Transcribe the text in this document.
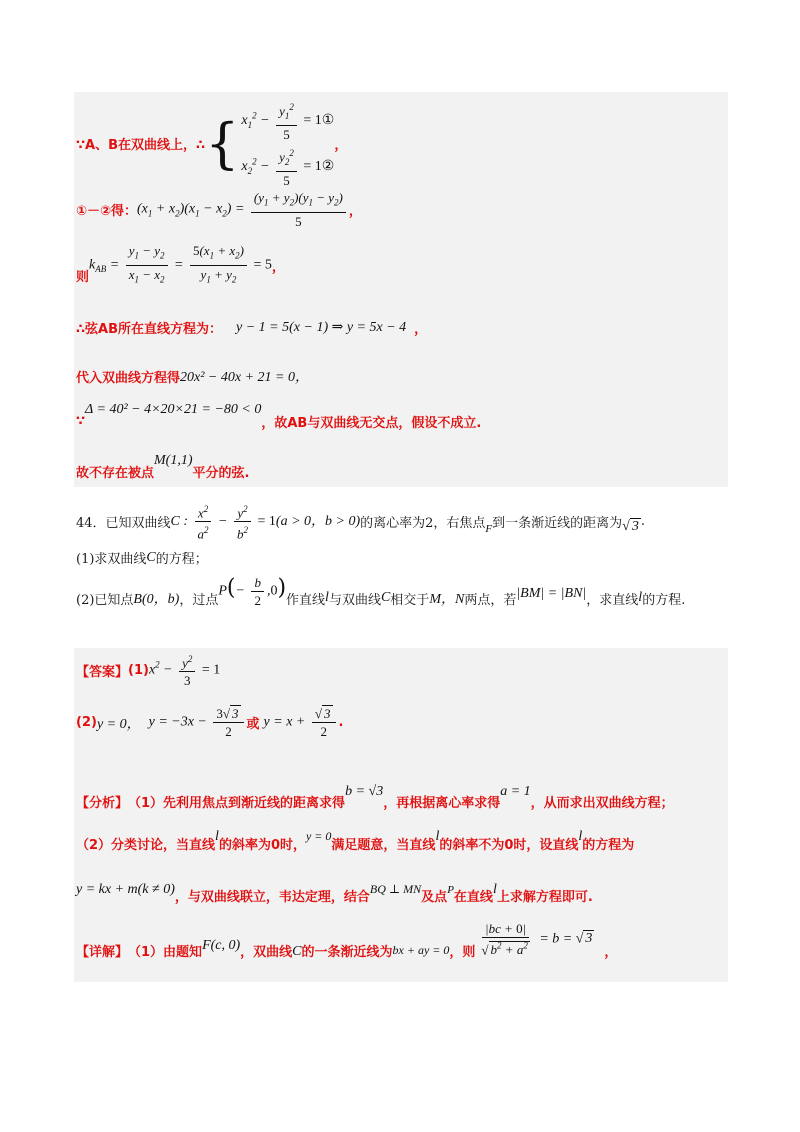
∵A、B在双曲线上，∴ { $x_1^2 - \frac{y_1^2}{5}$ = 1①
$x_2^2 - \frac{y_2^2}{5}$ = 1②
，
①－②得： $(x_1 + x_2)(x_1 - x_2) = \frac{(y_1 + y_2)(y_1 - y_2)}{5}$ ，
则
$k_{AB} = \frac{y_1 - y_2}{x_1 - x_2} = \frac{5(x_1 + x_2)}{y_1 + y_2} = 5$ ，
∴弦AB所在直线方程为： y − 1 = 5(x − 1) ⇒ y = 5x − 4 ，
代入双曲线方程得 20x² − 40x + 21 = 0，
∵
Δ = 40² − 4×20×21 = −80 < 0
，故AB与双曲线无交点，假设不成立.
故不存在被点
M(1,1)
平分的弦.
44．已知双曲线 C : $\frac{x^2}{a^2} - \frac{y^2}{b^2} = 1(a > 0$，b > 0) 的离心率为2，右焦点 F 到一条渐近线的距离为 √ 3 .
(1)求双曲线 C 的方程；
(2)已知点 B(0，b) ，过点
$P(- \frac{b}{2} ,0)$ 作直线 l 与双曲线 C 相交于 M，N 两点，若 |BM| = |BN| ，求直线 l 的方程.
【答案】 (1) $x^2 - \frac{y^2}{3} = 1$
(2) y = 0， $y = -3x - \frac{3√ 3}{2}$ 或 $y = x + \frac{√ 3}{2}$ .
【分析】 （1）先利用焦点到渐近线的距离求得
b = √3
，再根据离心率求得
a = 1
，从而求出双曲线方程；
（2）分类讨论，当直线
l
的斜率为0时，
y = 0
满足题意，当直线
l
的斜率不为0时，设直线
l
的方程为
y = kx + m(k ≠ 0)
，与双曲线联立，韦达定理，结合
BQ ⊥ MN
及点
P
在直线
l
上求解方程即可.
【详解】 （1）由题知 F(c, 0) ，双曲线 C 的一条渐近线为 bx + ay = 0 ，则 $\frac{|bc + 0|}{√ b^2 + a^2} = b$ = √ 3
，
